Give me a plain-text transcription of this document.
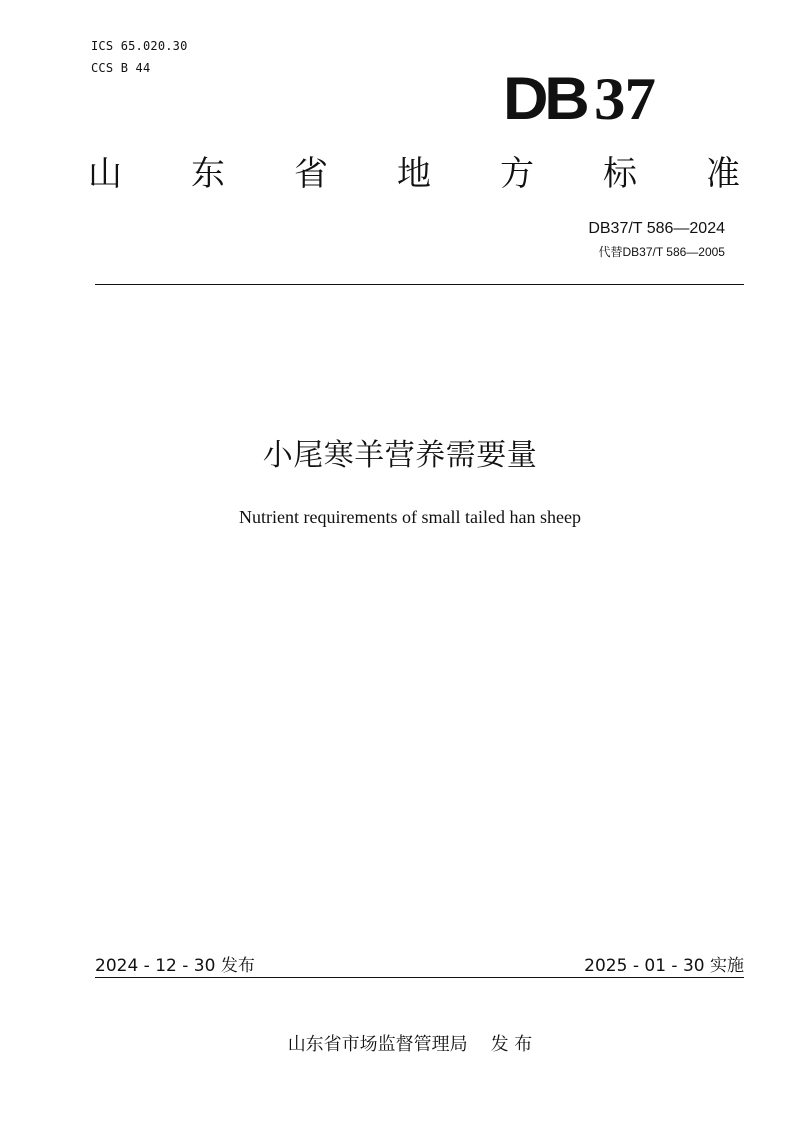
ICS 65.020.30
CCS B 44	DB 37
山 东 省 地 方 标 准
DB37/T 586—2024
代替DB37/T 586—2005
小尾寒羊营养需要量
Nutrient requirements of small tailed han sheep
2024 - 12 - 30 发布	2025 - 01 - 30 实施
山东省市场监督管理局    发 布
